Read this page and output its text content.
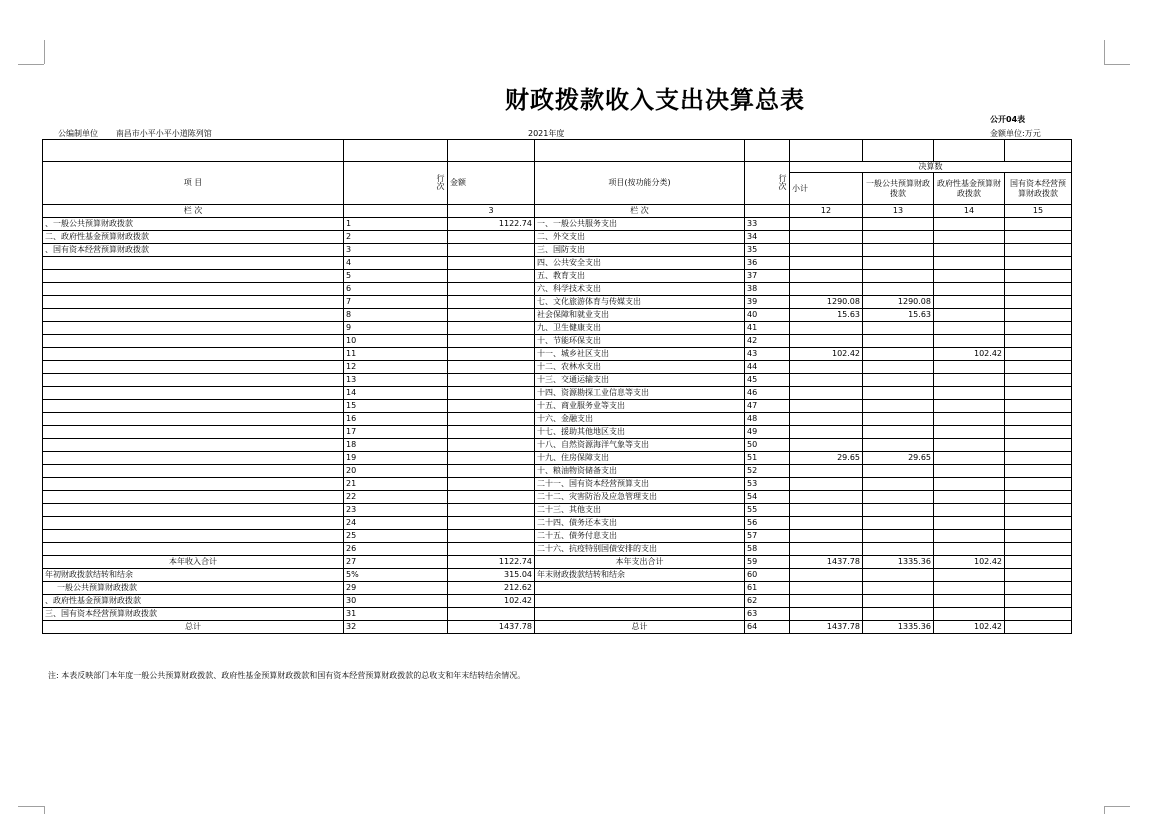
财政拨款收入支出决算总表
公开04表
金额单位:万元
公编制单位 南昌市小平小平小道陈列馆	2021年度

项 目	行次	金额	项目(按功能分类)	行次	决算数			
					小计	一般公共预算财政拨款	政府性基金预算财政拨款	国有资本经营预算财政拨款
栏 次		3	栏 次		12	13	14	15
、一般公共预算财政拨款	1	1122.74	一、一般公共服务支出	33				
二、政府性基金预算财政拨款	2		二、外交支出	34				
、国有资本经营预算财政拨款	3		三、国防支出	35				
	4		四、公共安全支出	36				
	5		五、教育支出	37				
	6		六、科学技术支出	38				
	7		七、文化旅游体育与传媒支出	39	1290.08	1290.08		
	8		社会保障和就业支出	40	15.63	15.63		
	9		九、卫生健康支出	41				
	10		十、节能环保支出	42				
	11		十一、城乡社区支出	43	102.42		102.42	
	12		十二、农林水支出	44				
	13		十三、交通运输支出	45				
	14		十四、资源勘探工业信息等支出	46				
	15		十五、商业服务业等支出	47				
	16		十六、金融支出	48				
	17		十七、援助其他地区支出	49				
	18		十八、自然资源海洋气象等支出	50				
	19		十九、住房保障支出	51	29.65	29.65		
	20		十、粮油物资储备支出	52				
	21		二十一、国有资本经营预算支出	53				
	22		二十二、灾害防治及应急管理支出	54				
	23		二十三、其他支出	55				
	24		二十四、债务还本支出	56				
	25		二十五、债务付息支出	57				
	26		二十六、抗疫特别国债安排的支出	58				
本年收入合计	27	1122.74	本年支出合计	59	1437.78	1335.36	102.42	
年初财政拨款结转和结余	5%	315.04	年末财政拨款结转和结余	60				
一般公共预算财政拨款	29	212.62		61				
、政府性基金预算财政拨款	30	102.42		62				
三、国有资本经营预算财政拨款	31			63				
总计	32	1437.78	总计	64	1437.78	1335.36	102.42	
注: 本表反映部门本年度一般公共预算财政拨款、政府性基金预算财政拨款和国有资本经营预算财政拨款的总收支和年末结转结余情况。
